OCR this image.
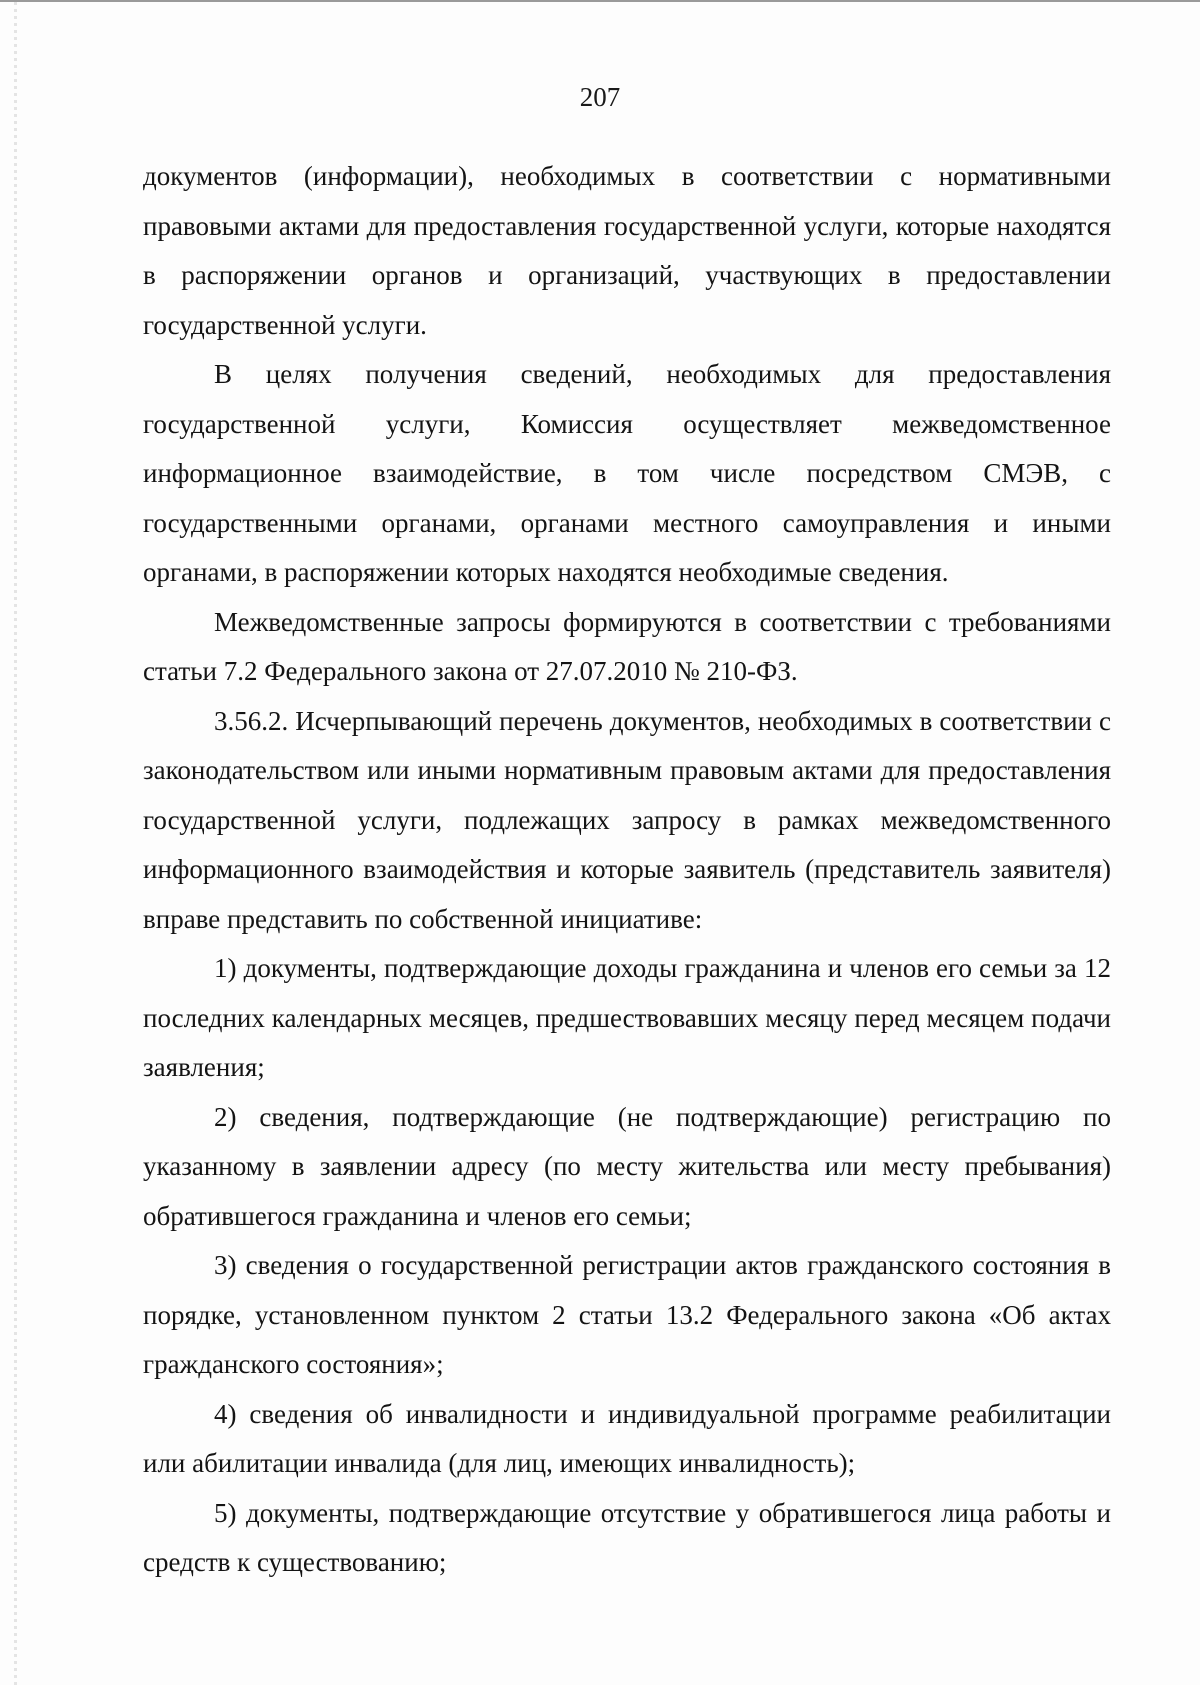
207

документов (информации), необходимых в соответствии с нормативными правовыми актами для предоставления государственной услуги, которые находятся в распоряжении органов и организаций, участвующих в предоставлении государственной услуги.

В целях получения сведений, необходимых для предоставления государственной услуги, Комиссия осуществляет межведомственное информационное взаимодействие, в том числе посредством СМЭВ, с государственными органами, органами местного самоуправления и иными органами, в распоряжении которых находятся необходимые сведения.

Межведомственные запросы формируются в соответствии с требованиями статьи 7.2 Федерального закона от 27.07.2010 № 210-ФЗ.

3.56.2. Исчерпывающий перечень документов, необходимых в соответствии с законодательством или иными нормативным правовым актами для предоставления государственной услуги, подлежащих запросу в рамках межведомственного информационного взаимодействия и которые заявитель (представитель заявителя) вправе представить по собственной инициативе:

1) документы, подтверждающие доходы гражданина и членов его семьи за 12 последних календарных месяцев, предшествовавших месяцу перед месяцем подачи заявления;

2) сведения, подтверждающие (не подтверждающие) регистрацию по указанному в заявлении адресу (по месту жительства или месту пребывания) обратившегося гражданина и членов его семьи;

3) сведения о государственной регистрации актов гражданского состояния в порядке, установленном пунктом 2 статьи 13.2 Федерального закона «Об актах гражданского состояния»;

4) сведения об инвалидности и индивидуальной программе реабилитации или абилитации инвалида (для лиц, имеющих инвалидность);

5) документы, подтверждающие отсутствие у обратившегося лица работы и средств к существованию;
